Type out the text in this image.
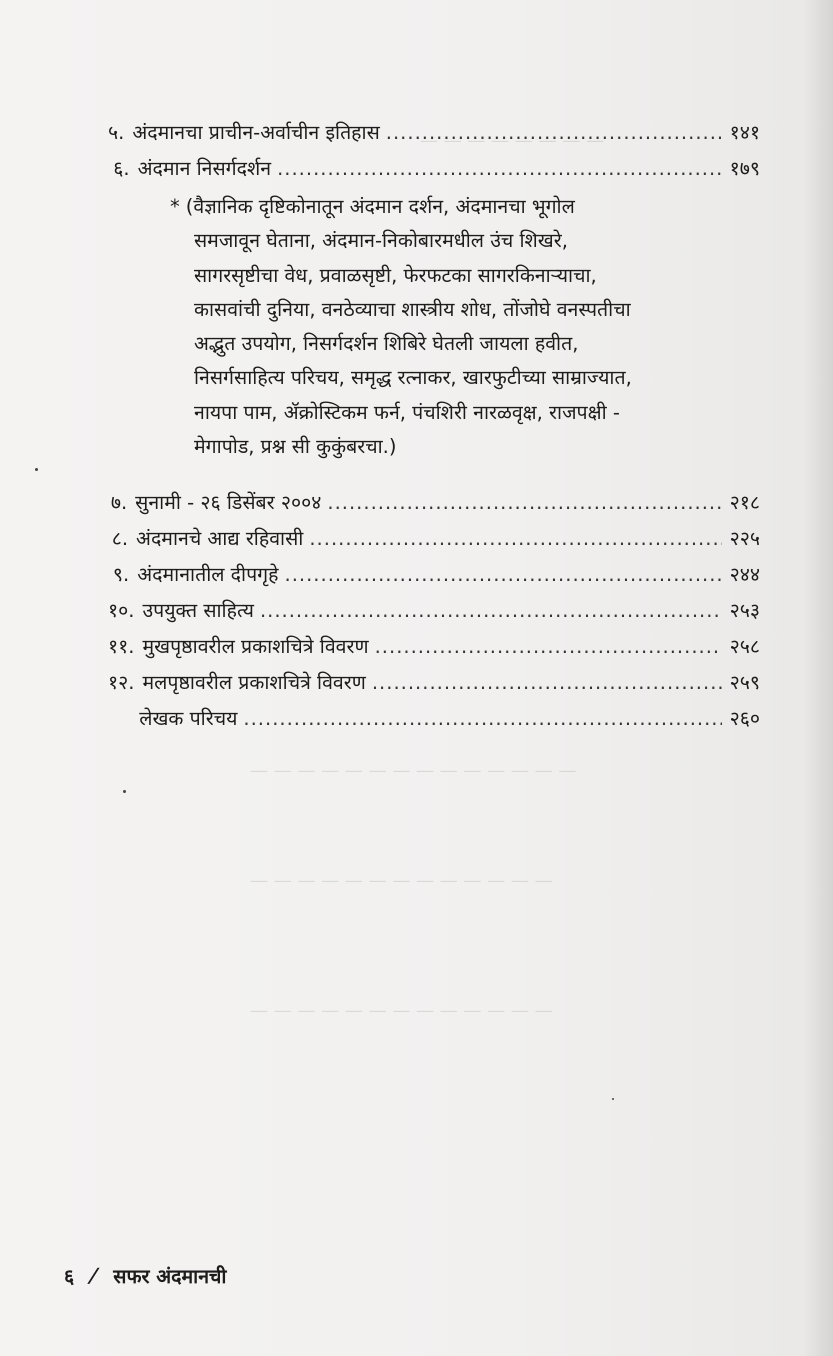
— — — — — — — —
— — — — — — — — — — — — — —
— — — — — — — — — — — — —
— — — — — — — — — — — — —
५. अंदमानचा प्राचीन-अर्वाचीन इतिहास .....	१४१
६. अंदमान निसर्गदर्शन .....	१७९
* (वैज्ञानिक दृष्टिकोनातून अंदमान दर्शन, अंदमानचा भूगोल
समजावून घेताना, अंदमान-निकोबारमधील उंच शिखरे,
सागरसृष्टीचा वेध, प्रवाळसृष्टी, फेरफटका सागरकिनाऱ्याचा,
कासवांची दुनिया, वनठेव्याचा शास्त्रीय शोध, तोंजोघे वनस्पतीचा
अद्भुत उपयोग, निसर्गदर्शन शिबिरे घेतली जायला हवीत,
निसर्गसाहित्य परिचय, समृद्ध रत्नाकर, खारफुटीच्या साम्राज्यात,
नायपा पाम, ॲक्रोस्टिकम फर्न, पंचशिरी नारळवृक्ष, राजपक्षी -
मेगापोड, प्रश्न सी कुकुंबरचा.)
७. सुनामी - २६ डिसेंबर २००४ .....	२१८
८. अंदमानचे आद्य रहिवासी .....	२२५
९. अंदमानातील दीपगृहे .....	२४४
१०. उपयुक्त साहित्य .....	२५३
११. मुखपृष्ठावरील प्रकाशचित्रे विवरण .....	२५८
१२. मलपृष्ठावरील प्रकाशचित्रे विवरण .....	२५९
लेखक परिचय .....	२६०
६ / सफर अंदमानची
